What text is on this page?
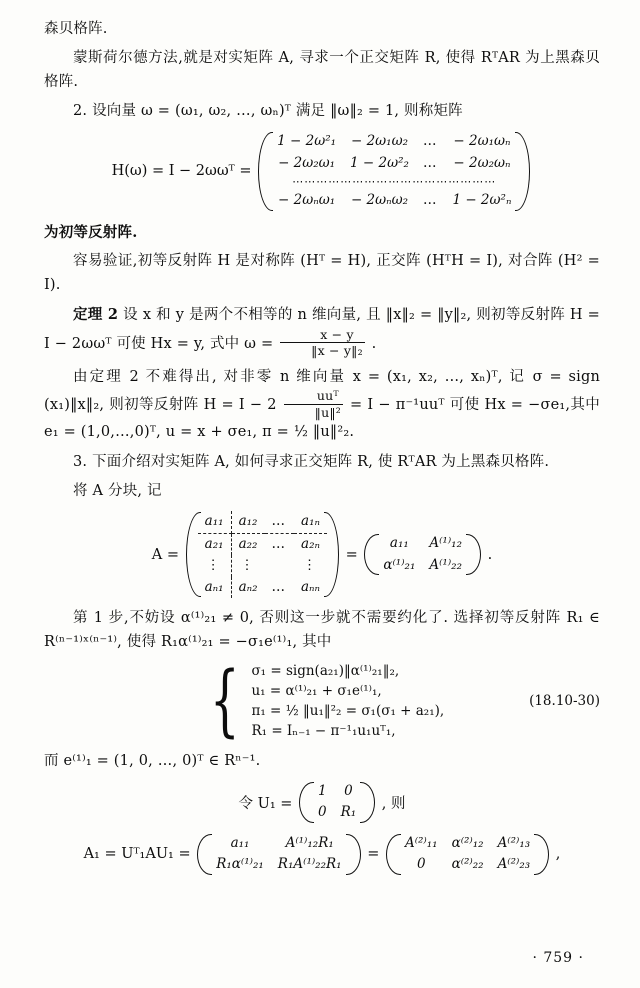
森贝格阵.

蒙斯荷尔德方法,就是对实矩阵 A, 寻求一个正交矩阵 R, 使得 RᵀAR 为上黑森贝格阵.

2. 设向量 ω = (ω₁, ω₂, …, ωₙ)ᵀ 满足 ‖ω‖₂ = 1, 则称矩阵

H(ω) = I − 2ωωᵀ =
1 − 2ω²₁	− 2ω₁ω₂	…	− 2ω₁ωₙ
− 2ω₂ω₁	1 − 2ω²₂	…	− 2ω₂ωₙ
⋯⋯⋯⋯⋯⋯⋯⋯⋯⋯⋯⋯⋯⋯⋯⋯⋯			
− 2ωₙω₁	− 2ωₙω₂	…	1 − 2ω²ₙ

为初等反射阵.

容易验证,初等反射阵 H 是对称阵 (Hᵀ = H), 正交阵 (HᵀH = I), 对合阵 (H² = I).

定理 2 设 x 和 y 是两个不相等的 n 维向量, 且 ‖x‖₂ = ‖y‖₂, 则初等反射阵 H = I − 2ωωᵀ 可使 Hx = y, 式中 $\omega = \frac{x - y}{\text{‖x − y‖₂}}$ .

由定理 2 不难得出, 对非零 n 维向量 x = (x₁, x₂, …, xₙ)ᵀ, 记 σ = sign (x₁)‖x‖₂, 则初等反射阵 $H = I - 2 \frac{\text{uuᵀ}}{\text{‖u‖²}} = I$ − π⁻¹uuᵀ 可使 Hx = −σe₁,其中 e₁ = (1,0,…,0)ᵀ, u = x + σe₁, π = ½ ‖u‖²₂.

3. 下面介绍对实矩阵 A, 如何寻求正交矩阵 R, 使 RᵀAR 为上黑森贝格阵.

将 A 分块, 记

A =
a₁₁	a₁₂	…	a₁ₙ
a₂₁	a₂₂	…	a₂ₙ
⋮	⋮		⋮
aₙ₁	aₙ₂	…	aₙₙ
=
a₁₁	A⁽¹⁾₁₂
α⁽¹⁾₂₁	A⁽¹⁾₂₂
.

第 1 步,不妨设 α⁽¹⁾₂₁ ≠ 0, 否则这一步就不需要约化了. 选择初等反射阵 R₁ ∈ R⁽ⁿ⁻¹⁾ˣ⁽ⁿ⁻¹⁾, 使得 R₁α⁽¹⁾₂₁ = −σ₁e⁽¹⁾₁, 其中

{ σ₁ = sign(a₂₁)‖α⁽¹⁾₂₁‖₂,
u₁ = α⁽¹⁾₂₁ + σ₁e⁽¹⁾₁,
π₁ = ½ ‖u₁‖²₂ = σ₁(σ₁ + a₂₁),
R₁ = Iₙ₋₁ − π⁻¹₁u₁uᵀ₁,
(18.10-30)

而 e⁽¹⁾₁ = (1, 0, …, 0)ᵀ ∈ Rⁿ⁻¹.

令 U₁ =
1	0
0	R₁
, 则
A₁ = Uᵀ₁AU₁ =
a₁₁	A⁽¹⁾₁₂R₁
R₁α⁽¹⁾₂₁	R₁A⁽¹⁾₂₂R₁
=
A⁽²⁾₁₁	α⁽²⁾₁₂	A⁽²⁾₁₃
0	α⁽²⁾₂₂	A⁽²⁾₂₃
,
· 759 ·
